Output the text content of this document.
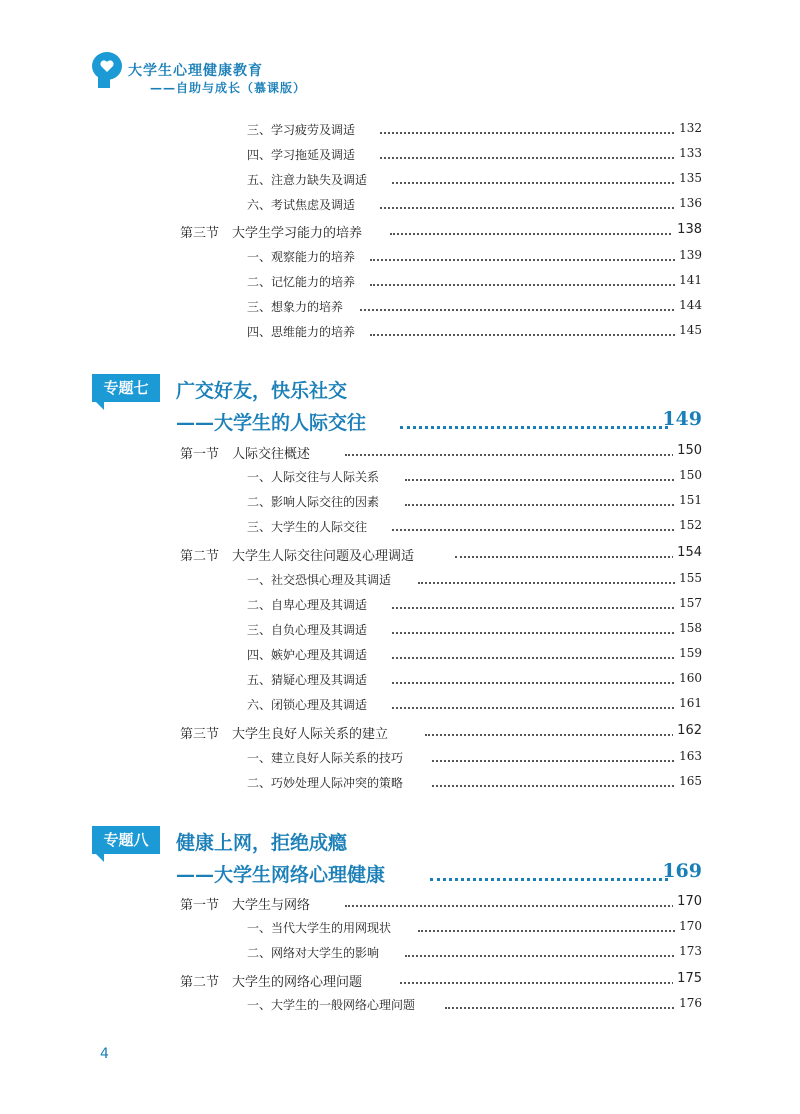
大学生心理健康教育
——自助与成长（慕课版）
三、学习疲劳及调适	132
四、学习拖延及调适	133
五、注意力缺失及调适	135
六、考试焦虑及调适	136
第三节　大学生学习能力的培养	138
一、观察能力的培养	139
二、记忆能力的培养	141
三、想象力的培养	144
四、思维能力的培养	145
专题七	广交好友，快乐社交
——大学生的人际交往	149
第一节　人际交往概述	150
一、人际交往与人际关系	150
二、影响人际交往的因素	151
三、大学生的人际交往	152
第二节　大学生人际交往问题及心理调适	154
一、社交恐惧心理及其调适	155
二、自卑心理及其调适	157
三、自负心理及其调适	158
四、嫉妒心理及其调适	159
五、猜疑心理及其调适	160
六、闭锁心理及其调适	161
第三节　大学生良好人际关系的建立	162
一、建立良好人际关系的技巧	163
二、巧妙处理人际冲突的策略	165
专题八	健康上网，拒绝成瘾
——大学生网络心理健康	169
第一节　大学生与网络	170
一、当代大学生的用网现状	170
二、网络对大学生的影响	173
第二节　大学生的网络心理问题	175
一、大学生的一般网络心理问题	176
4
